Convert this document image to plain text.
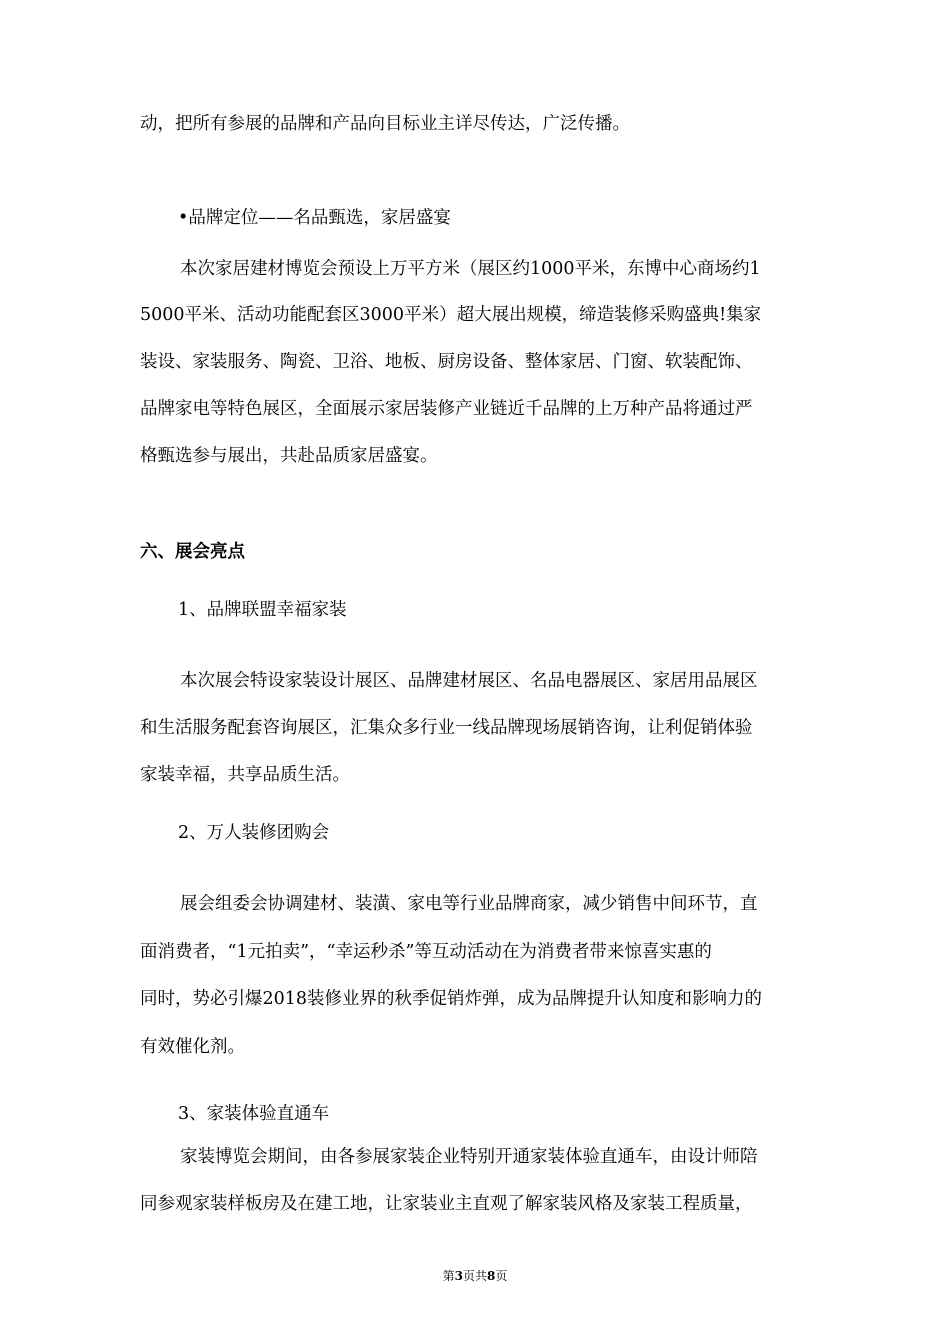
动，把所有参展的品牌和产品向目标业主详尽传达，广泛传播。
•品牌定位——名品甄选，家居盛宴
本次家居建材博览会预设上万平方米（展区约1000平米，东博中心商场约1
5000平米、活动功能配套区3000平米）超大展出规模，缔造装修采购盛典!集家
装设、家装服务、陶瓷、卫浴、地板、厨房设备、整体家居、门窗、软装配饰、
品牌家电等特色展区，全面展示家居装修产业链近千品牌的上万种产品将通过严
格甄选参与展出，共赴品质家居盛宴。
六、展会亮点
1、品牌联盟幸福家装
本次展会特设家装设计展区、品牌建材展区、名品电器展区、家居用品展区
和生活服务配套咨询展区，汇集众多行业一线品牌现场展销咨询，让利促销体验
家装幸福，共享品质生活。
2、万人装修团购会
展会组委会协调建材、装潢、家电等行业品牌商家，减少销售中间环节，直
面消费者，“1元拍卖”，“幸运秒杀”等互动活动在为消费者带来惊喜实惠的
同时，势必引爆2018装修业界的秋季促销炸弹，成为品牌提升认知度和影响力的
有效催化剂。
3、家装体验直通车
家装博览会期间，由各参展家装企业特别开通家装体验直通车，由设计师陪
同参观家装样板房及在建工地，让家装业主直观了解家装风格及家装工程质量，
第3页共8页
